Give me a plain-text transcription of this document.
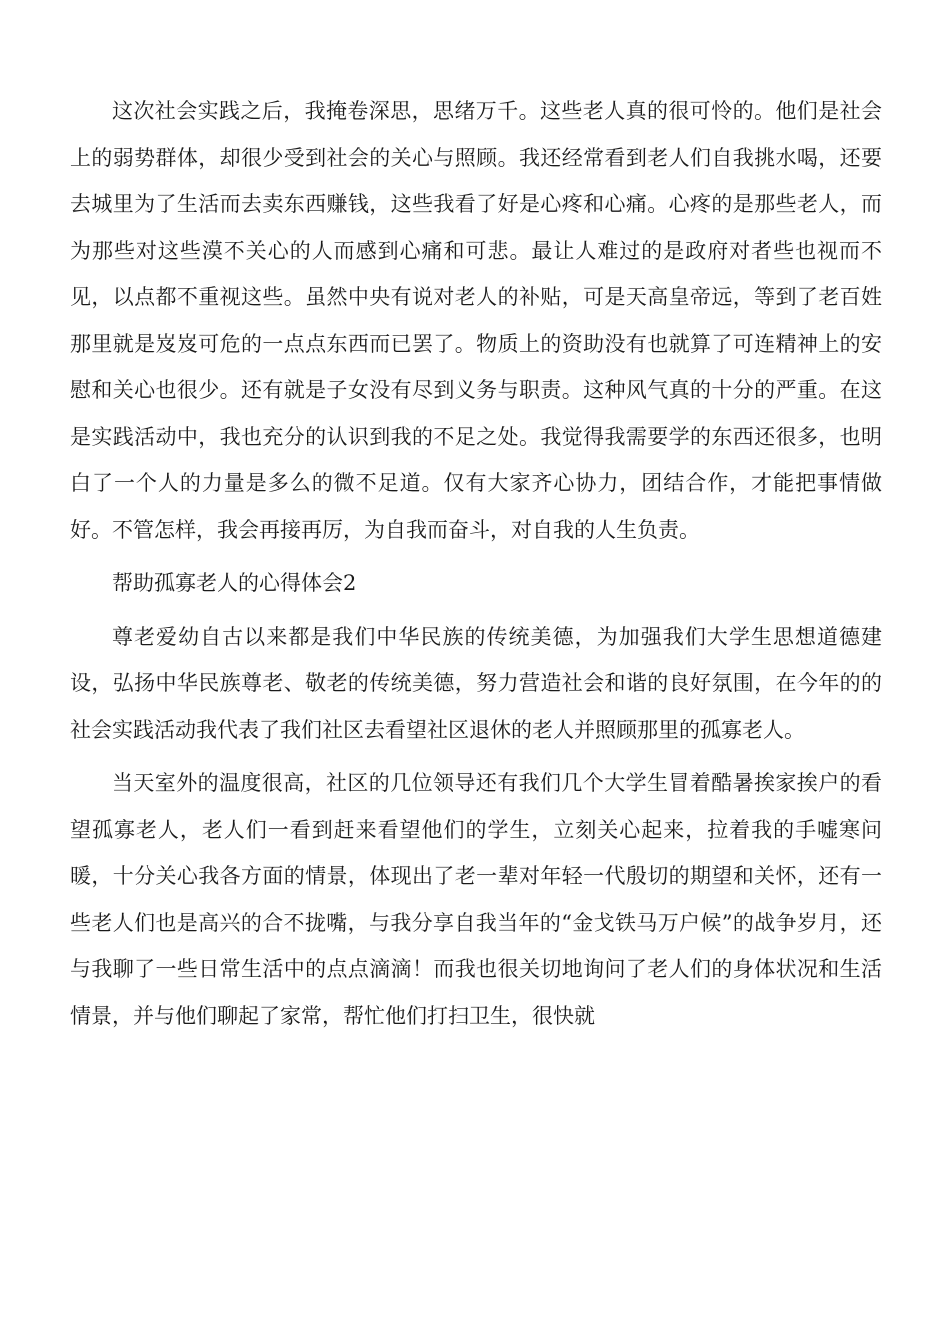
这次社会实践之后，我掩卷深思，思绪万千。这些老人真的很可怜的。他们是社会上的弱势群体，却很少受到社会的关心与照顾。我还经常看到老人们自我挑水喝，还要去城里为了生活而去卖东西赚钱，这些我看了好是心疼和心痛。心疼的是那些老人，而为那些对这些漠不关心的人而感到心痛和可悲。最让人难过的是政府对者些也视而不见，以点都不重视这些。虽然中央有说对老人的补贴，可是天高皇帝远，等到了老百姓那里就是岌岌可危的一点点东西而已罢了。物质上的资助没有也就算了可连精神上的安慰和关心也很少。还有就是子女没有尽到义务与职责。这种风气真的十分的严重。在这是实践活动中，我也充分的认识到我的不足之处。我觉得我需要学的东西还很多，也明白了一个人的力量是多么的微不足道。仅有大家齐心协力，团结合作，才能把事情做好。不管怎样，我会再接再厉，为自我而奋斗，对自我的人生负责。

帮助孤寡老人的心得体会2

尊老爱幼自古以来都是我们中华民族的传统美德，为加强我们大学生思想道德建设，弘扬中华民族尊老、敬老的传统美德，努力营造社会和谐的良好氛围，在今年的的社会实践活动我代表了我们社区去看望社区退休的老人并照顾那里的孤寡老人。

当天室外的温度很高，社区的几位领导还有我们几个大学生冒着酷暑挨家挨户的看望孤寡老人，老人们一看到赶来看望他们的学生，立刻关心起来，拉着我的手嘘寒问暖，十分关心我各方面的情景，体现出了老一辈对年轻一代殷切的期望和关怀，还有一些老人们也是高兴的合不拢嘴，与我分享自我当年的“金戈铁马万户候”的战争岁月，还与我聊了一些日常生活中的点点滴滴！而我也很关切地询问了老人们的身体状况和生活情景，并与他们聊起了家常，帮忙他们打扫卫生，很快就
